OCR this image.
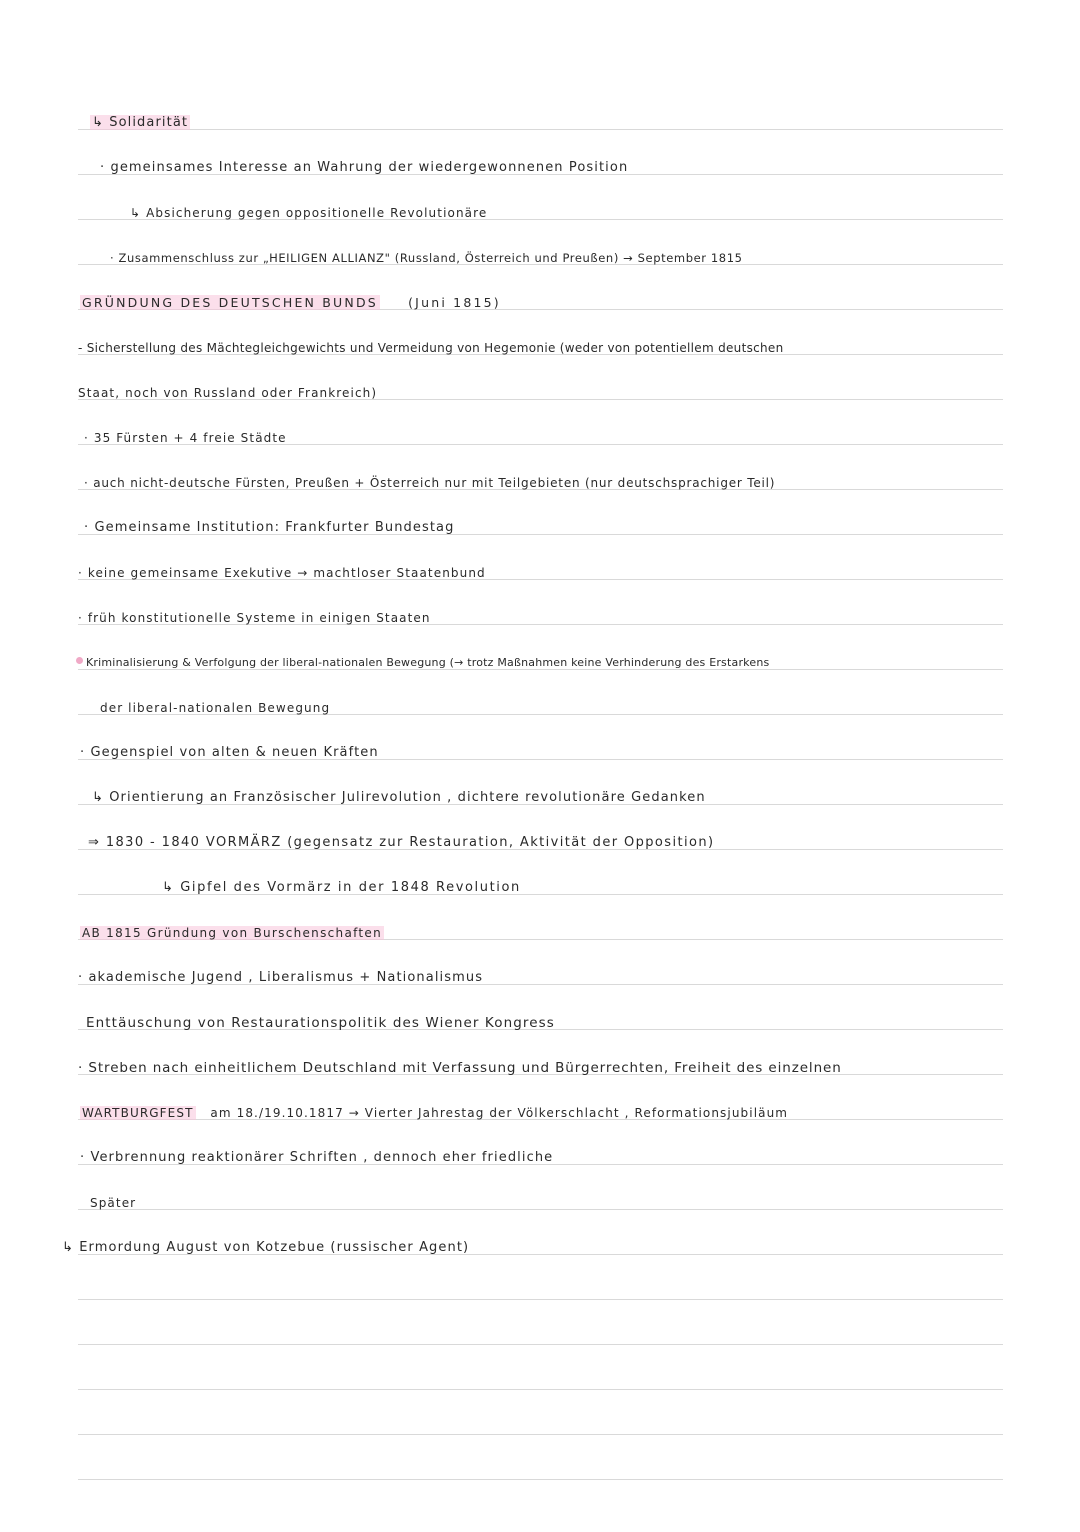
↳ Solidarität
· gemeinsames Interesse an Wahrung der wiedergewonnenen Position
↳ Absicherung gegen oppositionelle Revolutionäre
· Zusammenschluss zur „HEILIGEN ALLIANZ" (Russland, Österreich und Preußen) → September 1815
GRÜNDUNG DES DEUTSCHEN BUNDS (Juni 1815)
- Sicherstellung des Mächtegleichgewichts und Vermeidung von Hegemonie (weder von potentiellem deutschen
Staat, noch von Russland oder Frankreich)
· 35 Fürsten + 4 freie Städte
· auch nicht-deutsche Fürsten, Preußen + Österreich nur mit Teilgebieten (nur deutschsprachiger Teil)
· Gemeinsame Institution: Frankfurter Bundestag
· keine gemeinsame Exekutive → machtloser Staatenbund
· früh konstitutionelle Systeme in einigen Staaten
Kriminalisierung & Verfolgung der liberal-nationalen Bewegung (→ trotz Maßnahmen keine Verhinderung des Erstarkens
der liberal-nationalen Bewegung
· Gegenspiel von alten & neuen Kräften
↳ Orientierung an Französischer Julirevolution , dichtere revolutionäre Gedanken
⇒ 1830 - 1840 VORMÄRZ (gegensatz zur Restauration, Aktivität der Opposition)
↳ Gipfel des Vormärz in der 1848 Revolution
AB 1815 Gründung von Burschenschaften
· akademische Jugend , Liberalismus + Nationalismus
Enttäuschung von Restaurationspolitik des Wiener Kongress
· Streben nach einheitlichem Deutschland mit Verfassung und Bürgerrechten, Freiheit des einzelnen
WARTBURGFEST am 18./19.10.1817 → Vierter Jahrestag der Völkerschlacht , Reformationsjubiläum
· Verbrennung reaktionärer Schriften , dennoch eher friedliche
Später
↳ Ermordung August von Kotzebue (russischer Agent)
